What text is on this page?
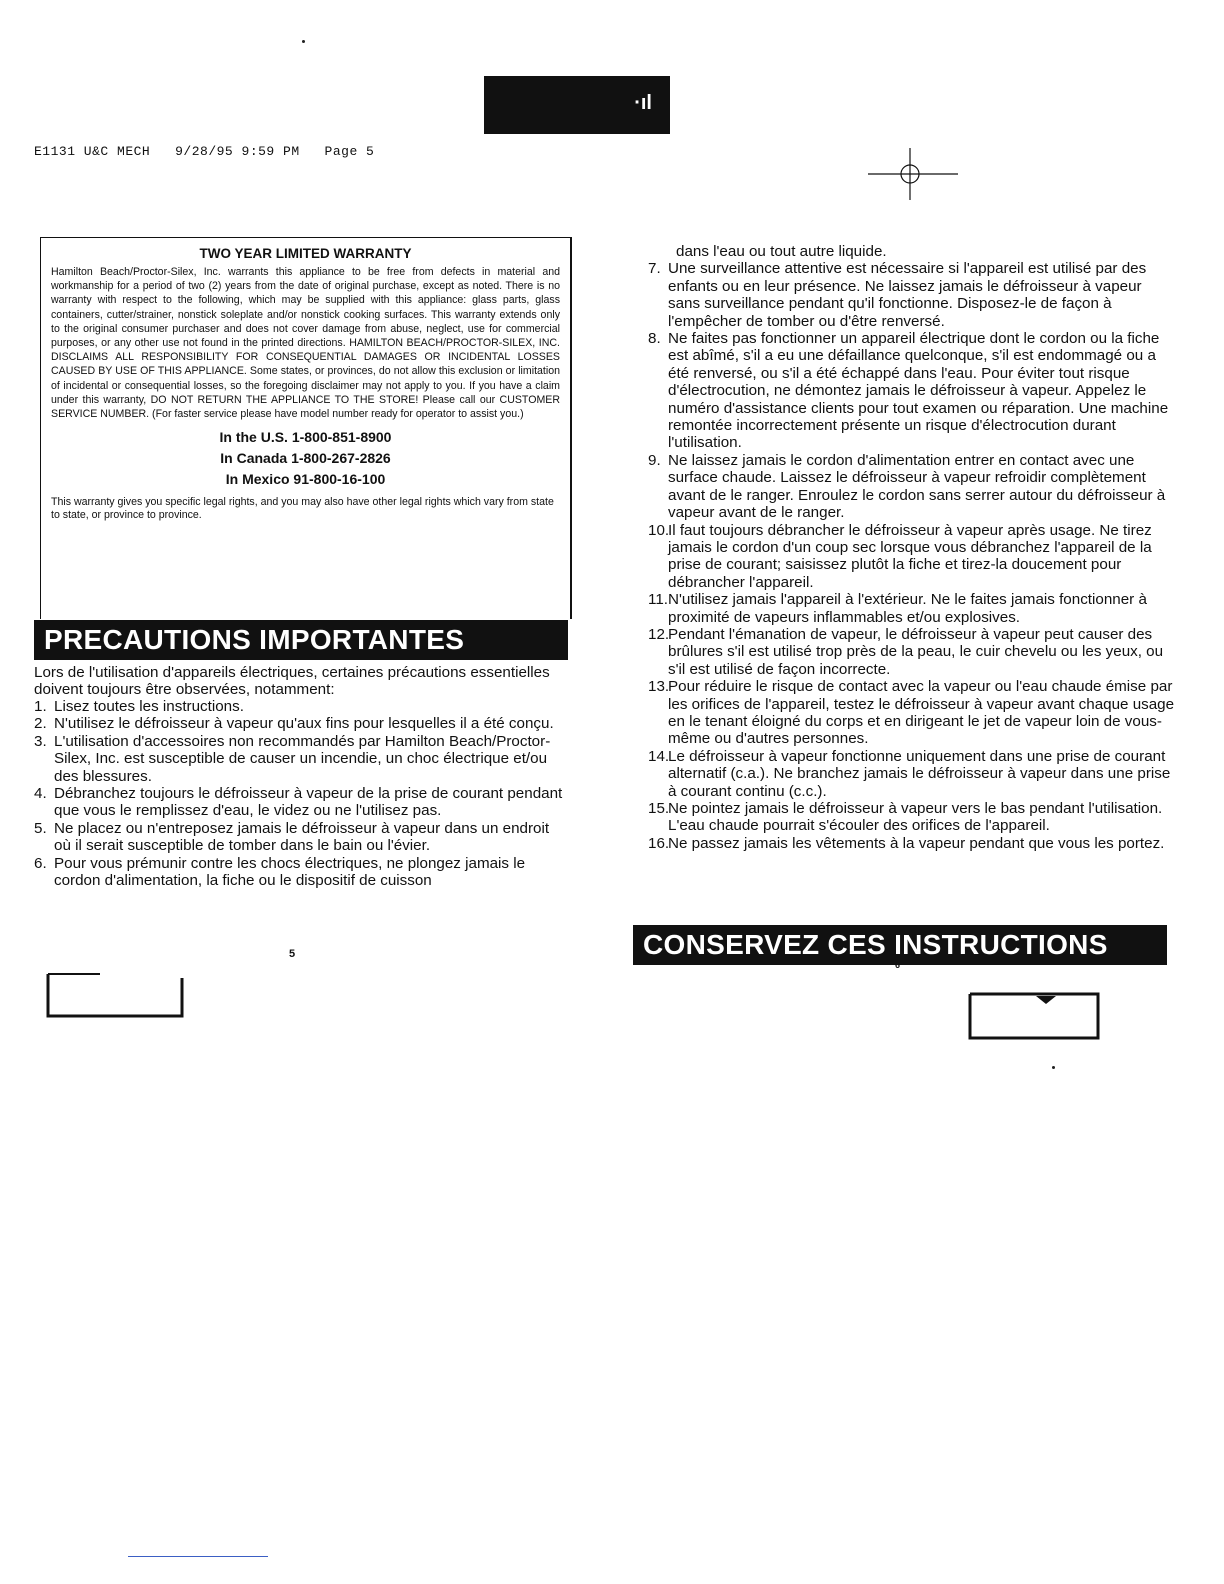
·ıl
E1131 U&C MECH   9/28/95 9:59 PM   Page 5
TWO YEAR LIMITED WARRANTY

Hamilton Beach/Proctor-Silex, Inc. warrants this appliance to be free from defects in material and workmanship for a period of two (2) years from the date of original purchase, except as noted. There is no warranty with respect to the following, which may be supplied with this appliance: glass parts, glass containers, cutter/strainer, nonstick soleplate and/or nonstick cooking surfaces. This warranty extends only to the original consumer purchaser and does not cover damage from abuse, neglect, use for commercial purposes, or any other use not found in the printed directions. HAMILTON BEACH/PROCTOR-SILEX, INC. DISCLAIMS ALL RESPONSIBILITY FOR CONSEQUENTIAL DAMAGES OR INCIDENTAL LOSSES CAUSED BY USE OF THIS APPLIANCE. Some states, or provinces, do not allow this exclusion or limitation of incidental or consequential losses, so the foregoing disclaimer may not apply to you. If you have a claim under this warranty, DO NOT RETURN THE APPLIANCE TO THE STORE! Please call our CUSTOMER SERVICE NUMBER. (For faster service please have model number ready for operator to assist you.)

In the U.S. 1-800-851-8900
In Canada 1-800-267-2826
In Mexico 91-800-16-100

This warranty gives you specific legal rights, and you may also have other legal rights which vary from state to state, or province to province.

PRECAUTIONS IMPORTANTES
Lors de l'utilisation d'appareils électriques, certaines précautions essentielles doivent toujours être observées, notamment:
1. Lisez toutes les instructions.
2. N'utilisez le défroisseur à vapeur qu'aux fins pour lesquelles il a été conçu.
3. L'utilisation d'accessoires non recommandés par Hamilton Beach/Proctor-Silex, Inc. est susceptible de causer un incendie, un choc électrique et/ou des blessures.
4. Débranchez toujours le défroisseur à vapeur de la prise de courant pendant que vous le remplissez d'eau, le videz ou ne l'utilisez pas.
5. Ne placez ou n'entreposez jamais le défroisseur à vapeur dans un endroit où il serait susceptible de tomber dans le bain ou l'évier.
6. Pour vous prémunir contre les chocs électriques, ne plongez jamais le cordon d'alimentation, la fiche ou le dispositif de cuisson
5
dans l'eau ou tout autre liquide.
7. Une surveillance attentive est nécessaire si l'appareil est utilisé par des enfants ou en leur présence. Ne laissez jamais le défroisseur à vapeur sans surveillance pendant qu'il fonctionne. Disposez-le de façon à l'empêcher de tomber ou d'être renversé.
8. Ne faites pas fonctionner un appareil électrique dont le cordon ou la fiche est abîmé, s'il a eu une défaillance quelconque, s'il est endommagé ou a été renversé, ou s'il a été échappé dans l'eau. Pour éviter tout risque d'électrocution, ne démontez jamais le défroisseur à vapeur. Appelez le numéro d'assistance clients pour tout examen ou réparation. Une machine remontée incorrectement présente un risque d'électrocution durant l'utilisation.
9. Ne laissez jamais le cordon d'alimentation entrer en contact avec une surface chaude. Laissez le défroisseur à vapeur refroidir complètement avant de le ranger. Enroulez le cordon sans serrer autour du défroisseur à vapeur avant de le ranger.
10.
Il faut toujours débrancher le défroisseur à vapeur après usage. Ne tirez jamais le cordon d'un coup sec lorsque vous débranchez l'appareil de la prise de courant; saisissez plutôt la fiche et tirez-la doucement pour débrancher l'appareil.
11. N'utilisez jamais l'appareil à l'extérieur. Ne le faites jamais fonctionner à proximité de vapeurs inflammables et/ou explosives.
12.
Pendant l'émanation de vapeur, le défroisseur à vapeur peut causer des brûlures s'il est utilisé trop près de la peau, le cuir chevelu ou les yeux, ou s'il est utilisé de façon incorrecte.
13.
Pour réduire le risque de contact avec la vapeur ou l'eau chaude émise par les orifices de l'appareil, testez le défroisseur à vapeur avant chaque usage en le tenant éloigné du corps et en dirigeant le jet de vapeur loin de vous-même ou d'autres personnes.
14.
Le défroisseur à vapeur fonctionne uniquement dans une prise de courant alternatif (c.a.). Ne branchez jamais le défroisseur à vapeur dans une prise à courant continu (c.c.).
15.
Ne pointez jamais le défroisseur à vapeur vers le bas pendant l'utilisation. L'eau chaude pourrait s'écouler des orifices de l'appareil.
16.
Ne passez jamais les vêtements à la vapeur pendant que vous les portez.
CONSERVEZ CES INSTRUCTIONS
6
